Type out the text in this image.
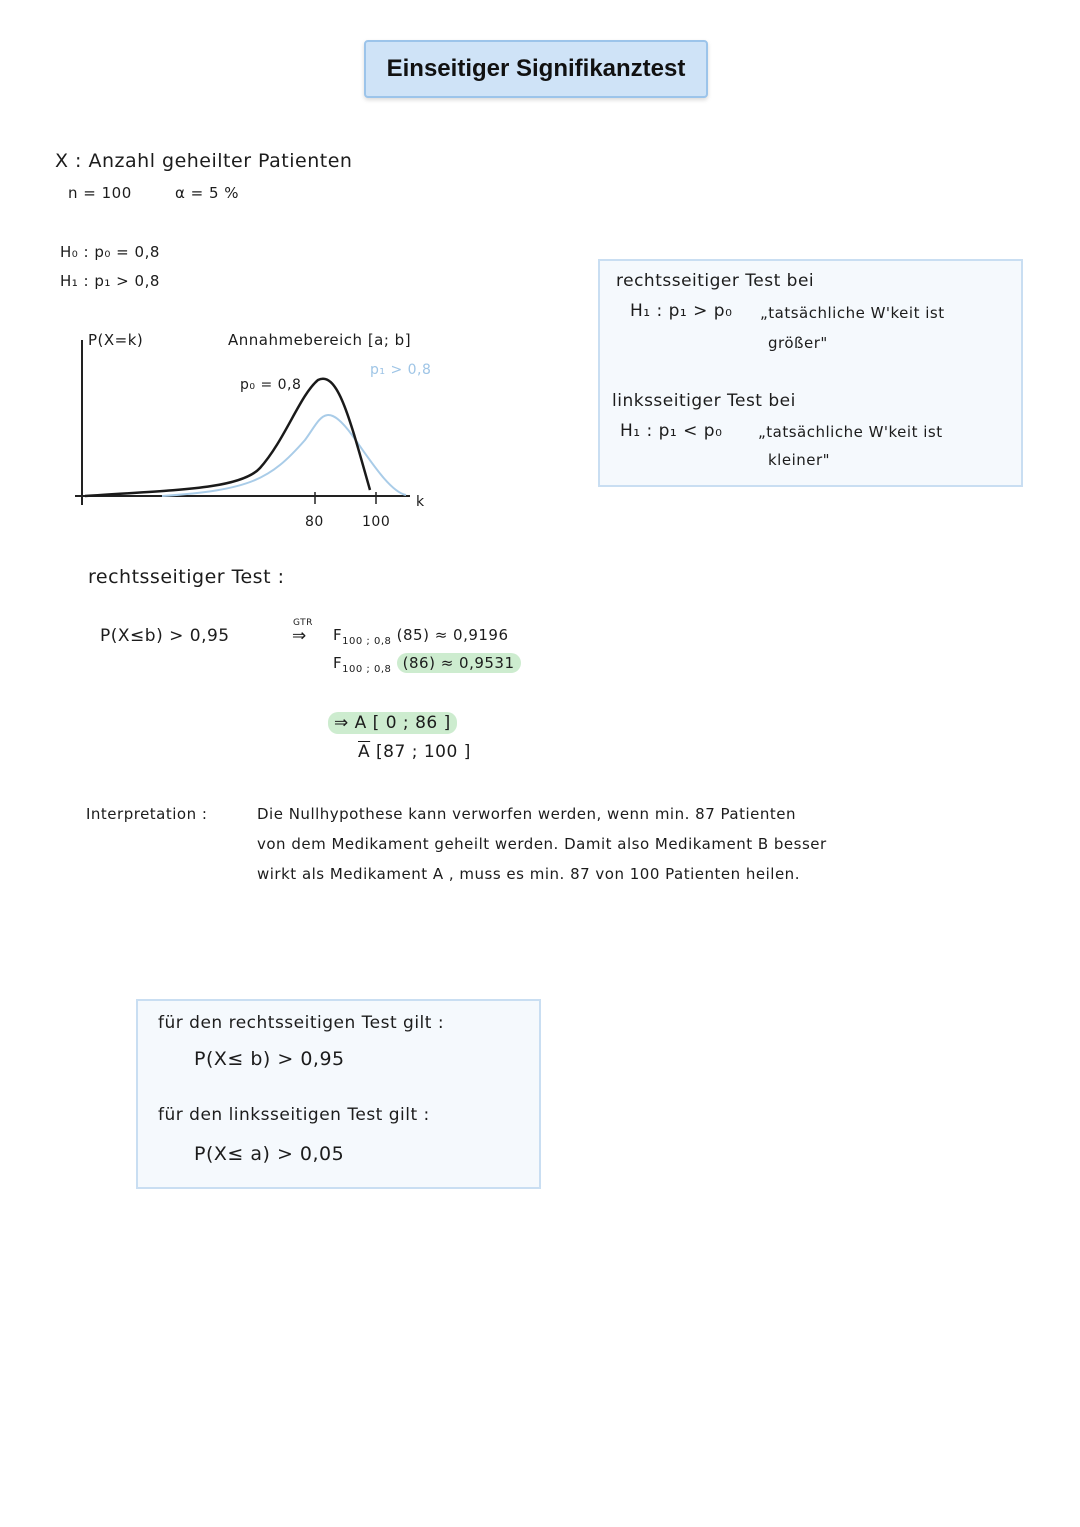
Einseitiger Signifikanztest
X : Anzahl geheilter Patienten
n = 100	α = 5 %
H₀ : p₀ = 0,8
H₁ : p₁ > 0,8
P(X=k)	Annahmebereich [a; b]
p₀ = 0,8
p₁ > 0,8
k
80	100
rechtsseitiger Test bei
H₁ : p₁ > p₀ „tatsächliche W'keit ist
größer"
linksseitiger Test bei
H₁ : p₁ < p₀ „tatsächliche W'keit ist
kleiner"
rechtsseitiger Test :
P(X≤b) > 0,95
GTR
⇒ $F_{100 ; 0,8}$ (85) ≈ 0,9196
$F_{100 ; 0,8}$ (86) ≈ 0,9531
⇒ A [ 0 ; 86 ]
$\overline{A}$ [87 ; 100 ]
Interpretation :	Die Nullhypothese kann verworfen werden, wenn min. 87 Patienten
von dem Medikament geheilt werden. Damit also Medikament B besser
wirkt als Medikament A , muss es min. 87 von 100 Patienten heilen.
für den rechtsseitigen Test gilt :
P(X≤ b) > 0,95
für den linksseitigen Test gilt :
P(X≤ a) > 0,05
